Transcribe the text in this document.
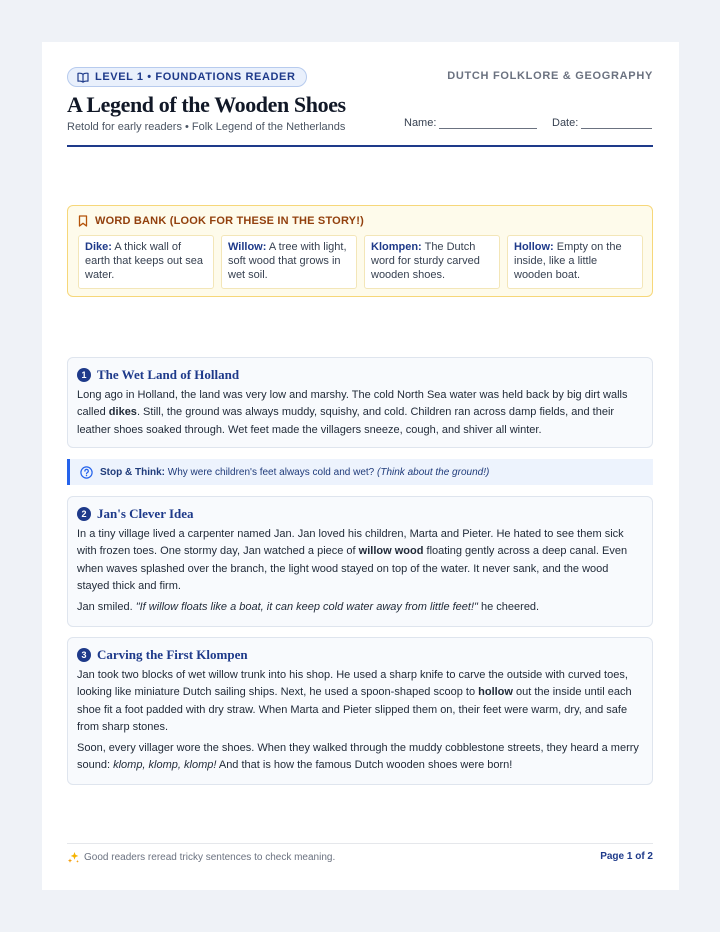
LEVEL 1 • FOUNDATIONS READER	DUTCH FOLKLORE & GEOGRAPHY
A Legend of the Wooden Shoes
Retold for early readers • Folk Legend of the Netherlands	Name:	Date:
WORD BANK (LOOK FOR THESE IN THE STORY!)
Dike: A thick wall of earth that keeps out sea water.
Willow: A tree with light, soft wood that grows in wet soil.
Klompen: The Dutch word for sturdy carved wooden shoes.
Hollow: Empty on the inside, like a little wooden boat.
1 The Wet Land of Holland

Long ago in Holland, the land was very low and marshy. The cold North Sea water was held back by big dirt walls called dikes. Still, the ground was always muddy, squishy, and cold. Children ran across damp fields, and their leather shoes soaked through. Wet feet made the villagers sneeze, cough, and shiver all winter.

Stop & Think: Why were children's feet always cold and wet? (Think about the ground!)
2 Jan's Clever Idea

In a tiny village lived a carpenter named Jan. Jan loved his children, Marta and Pieter. He hated to see them sick with frozen toes. One stormy day, Jan watched a piece of willow wood floating gently across a deep canal. Even when waves splashed over the branch, the light wood stayed on top of the water. It never sank, and the wood stayed thick and firm.

Jan smiled. "If willow floats like a boat, it can keep cold water away from little feet!" he cheered.

3 Carving the First Klompen

Jan took two blocks of wet willow trunk into his shop. He used a sharp knife to carve the outside with curved toes, looking like miniature Dutch sailing ships. Next, he used a spoon-shaped scoop to hollow out the inside until each shoe fit a foot padded with dry straw. When Marta and Pieter slipped them on, their feet were warm, dry, and safe from sharp stones.

Soon, every villager wore the shoes. When they walked through the muddy cobblestone streets, they heard a merry sound: klomp, klomp, klomp! And that is how the famous Dutch wooden shoes were born!

Good readers reread tricky sentences to check meaning.	Page 1 of 2
